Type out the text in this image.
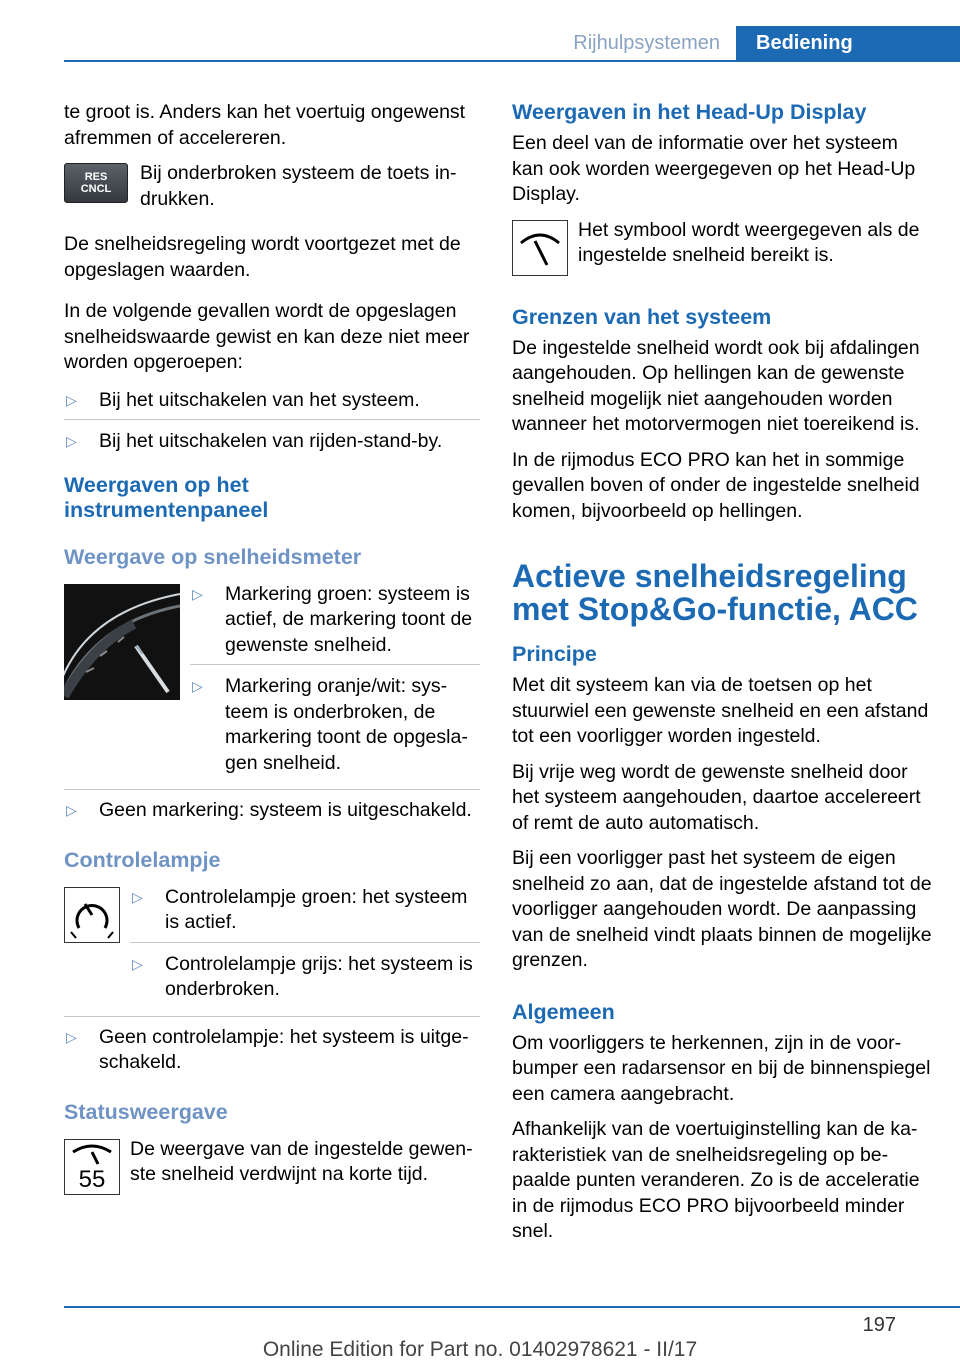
Rijhulpsystemen	Bediening

te groot is. Anders kan het voertuig ongewenst afremmen of accelereren.

RES
CNCL

Bij onderbroken systeem de toets indrukken.

De snelheidsregeling wordt voortgezet met de opgeslagen waarden.

In de volgende gevallen wordt de opgeslagen snelheidswaarde gewist en kan deze niet meer worden opgeroepen:

▷ Bij het uitschakelen van het systeem.
▷ Bij het uitschakelen van rijden-stand-by.
Weergaven op het instrumentenpaneel
Weergave op snelheidsmeter
▷ Markering groen: systeem is actief, de markering toont de gewenste snelheid.
▷ Markering oranje/wit: systeem is onderbroken, de markering toont de opgeslagen snelheid.
▷ Geen markering: systeem is uitgeschakeld.
Controlelampje
▷ Controlelampje groen: het systeem is actief.
▷ Controlelampje grijs: het systeem is onderbroken.
▷ Geen controlelampje: het systeem is uitgeschakeld.
Statusweergave
55

De weergave van de ingestelde gewenste snelheid verdwijnt na korte tijd.

Weergaven in het Head-Up Display

Een deel van de informatie over het systeem kan ook worden weergegeven op het Head-Up Display.

Het symbool wordt weergegeven als de ingestelde snelheid bereikt is.

Grenzen van het systeem

De ingestelde snelheid wordt ook bij afdalingen aangehouden. Op hellingen kan de gewenste snelheid mogelijk niet aangehouden worden wanneer het motorvermogen niet toereikend is.

In de rijmodus ECO PRO kan het in sommige gevallen boven of onder de ingestelde snelheid komen, bijvoorbeeld op hellingen.

Actieve snelheidsregeling met Stop&Go-functie, ACC
Principe

Met dit systeem kan via de toetsen op het stuurwiel een gewenste snelheid en een afstand tot een voorligger worden ingesteld.

Bij vrije weg wordt de gewenste snelheid door het systeem aangehouden, daartoe accelereert of remt de auto automatisch.

Bij een voorligger past het systeem de eigen snelheid zo aan, dat de ingestelde afstand tot de voorligger aangehouden wordt. De aanpassing van de snelheid vindt plaats binnen de mogelijke grenzen.

Algemeen

Om voorliggers te herkennen, zijn in de voorbumper een radarsensor en bij de binnenspiegel een camera aangebracht.

Afhankelijk van de voertuiginstelling kan de karakteristiek van de snelheidsregeling op bepaalde punten veranderen. Zo is de acceleratie in de rijmodus ECO PRO bijvoorbeeld minder snel.

197
Online Edition for Part no. 01402978621 - II/17
